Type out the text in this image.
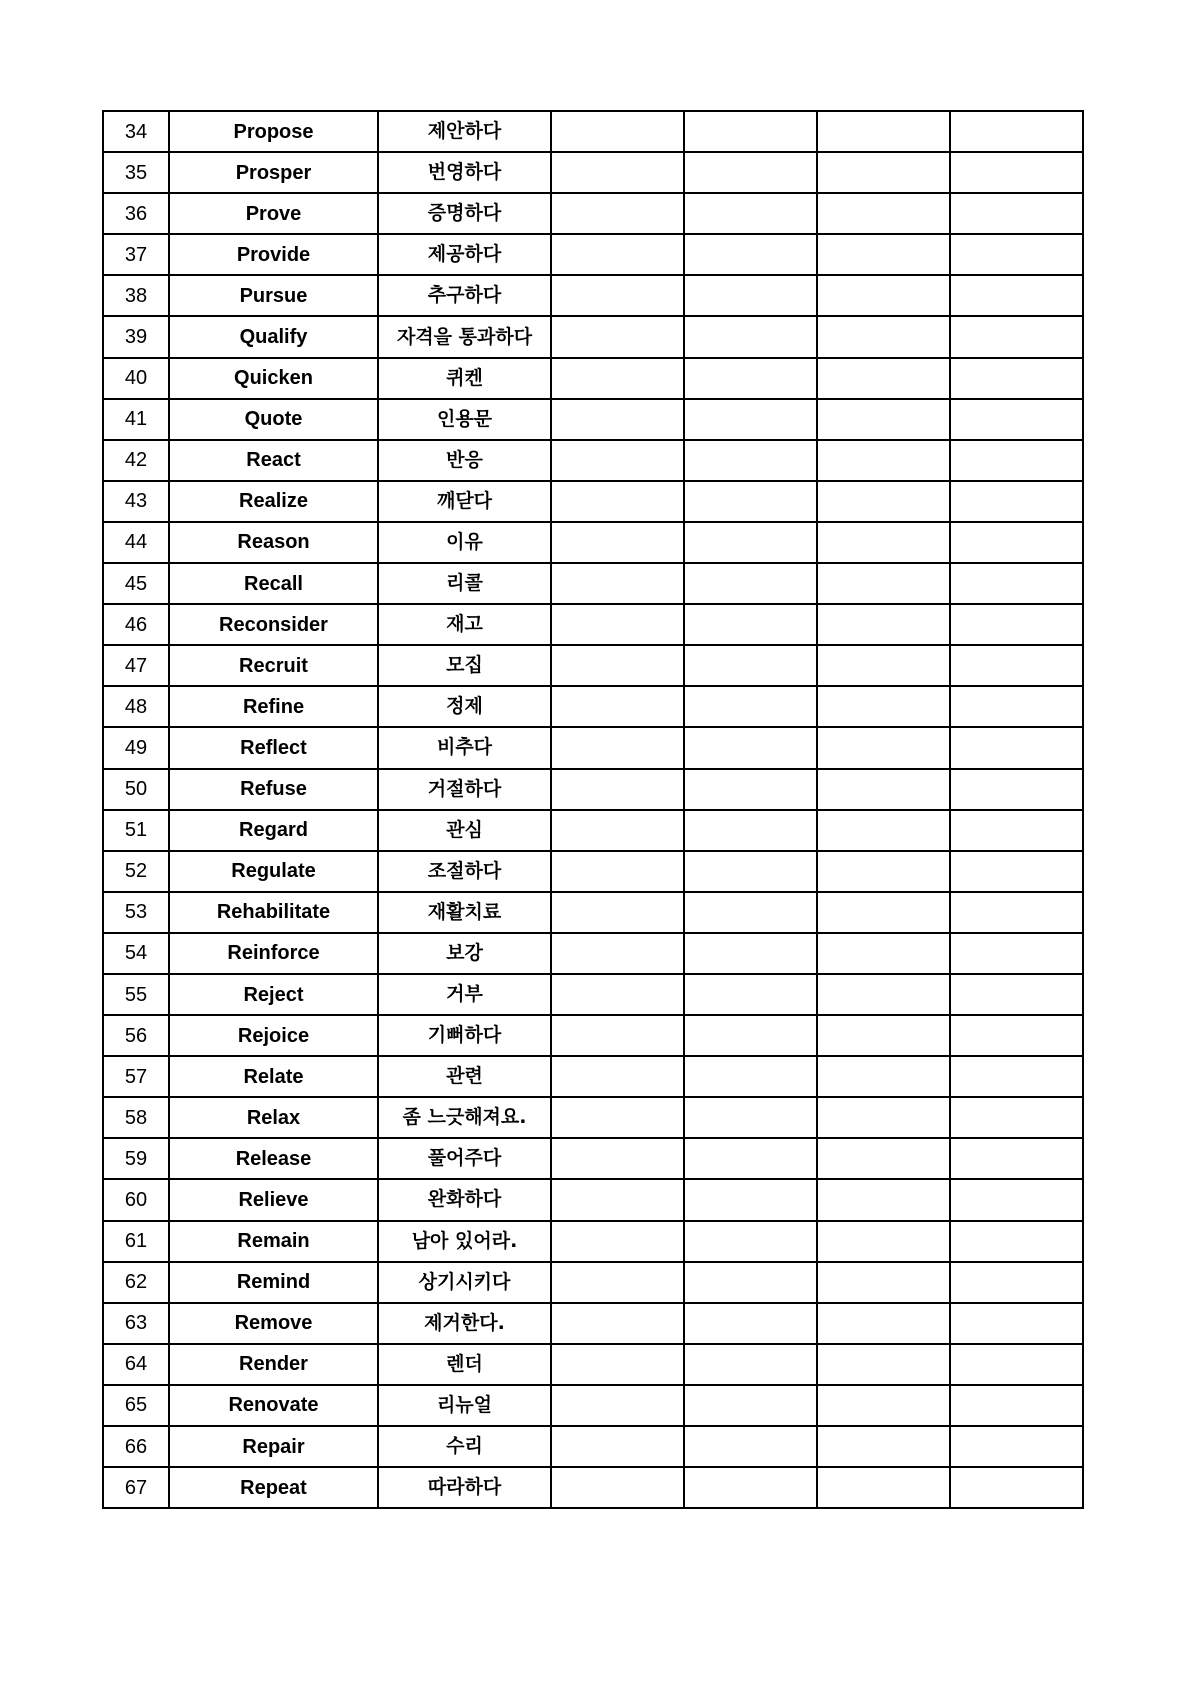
34	Propose	제안하다				
35	Prosper	번영하다				
36	Prove	증명하다				
37	Provide	제공하다				
38	Pursue	추구하다				
39	Qualify	자격을 통과하다				
40	Quicken	퀴켄				
41	Quote	인용문				
42	React	반응				
43	Realize	깨닫다				
44	Reason	이유				
45	Recall	리콜				
46	Reconsider	재고				
47	Recruit	모집				
48	Refine	정제				
49	Reflect	비추다				
50	Refuse	거절하다				
51	Regard	관심				
52	Regulate	조절하다				
53	Rehabilitate	재활치료				
54	Reinforce	보강				
55	Reject	거부				
56	Rejoice	기뻐하다				
57	Relate	관련				
58	Relax	좀 느긋해져요.				
59	Release	풀어주다				
60	Relieve	완화하다				
61	Remain	남아 있어라.				
62	Remind	상기시키다				
63	Remove	제거한다.				
64	Render	렌더				
65	Renovate	리뉴얼				
66	Repair	수리				
67	Repeat	따라하다				
